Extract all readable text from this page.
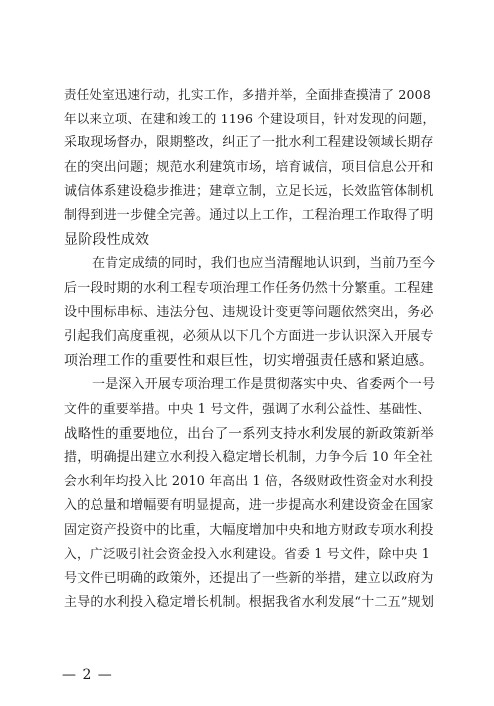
责任处室迅速行动，扎实工作，多措并举，全面排查摸清了 2008
年以来立项、在建和竣工的 1196 个建设项目，针对发现的问题，
采取现场督办，限期整改，纠正了一批水利工程建设领域长期存
在的突出问题；规范水利建筑市场，培育诚信，项目信息公开和
诚信体系建设稳步推进；建章立制，立足长远，长效监管体制机
制得到进一步健全完善。通过以上工作，工程治理工作取得了明
显阶段性成效
在肯定成绩的同时，我们也应当清醒地认识到，当前乃至今
后一段时期的水利工程专项治理工作任务仍然十分繁重。工程建
设中围标串标、违法分包、违规设计变更等问题依然突出，务必
引起我们高度重视，必须从以下几个方面进一步认识深入开展专
项治理工作的重要性和艰巨性，切实增强责任感和紧迫感。
一是深入开展专项治理工作是贯彻落实中央、省委两个一号
文件的重要举措。中央 1 号文件，强调了水利公益性、基础性、
战略性的重要地位，出台了一系列支持水利发展的新政策新举
措，明确提出建立水利投入稳定增长机制，力争今后 10 年全社
会水利年均投入比 2010 年高出 1 倍，各级财政性资金对水利投
入的总量和增幅要有明显提高，进一步提高水利建设资金在国家
固定资产投资中的比重，大幅度增加中央和地方财政专项水利投
入，广泛吸引社会资金投入水利建设。省委 1 号文件，除中央 1
号文件已明确的政策外，还提出了一些新的举措，建立以政府为
主导的水利投入稳定增长机制。根据我省水利发展“十二五”规划
— 2 —
